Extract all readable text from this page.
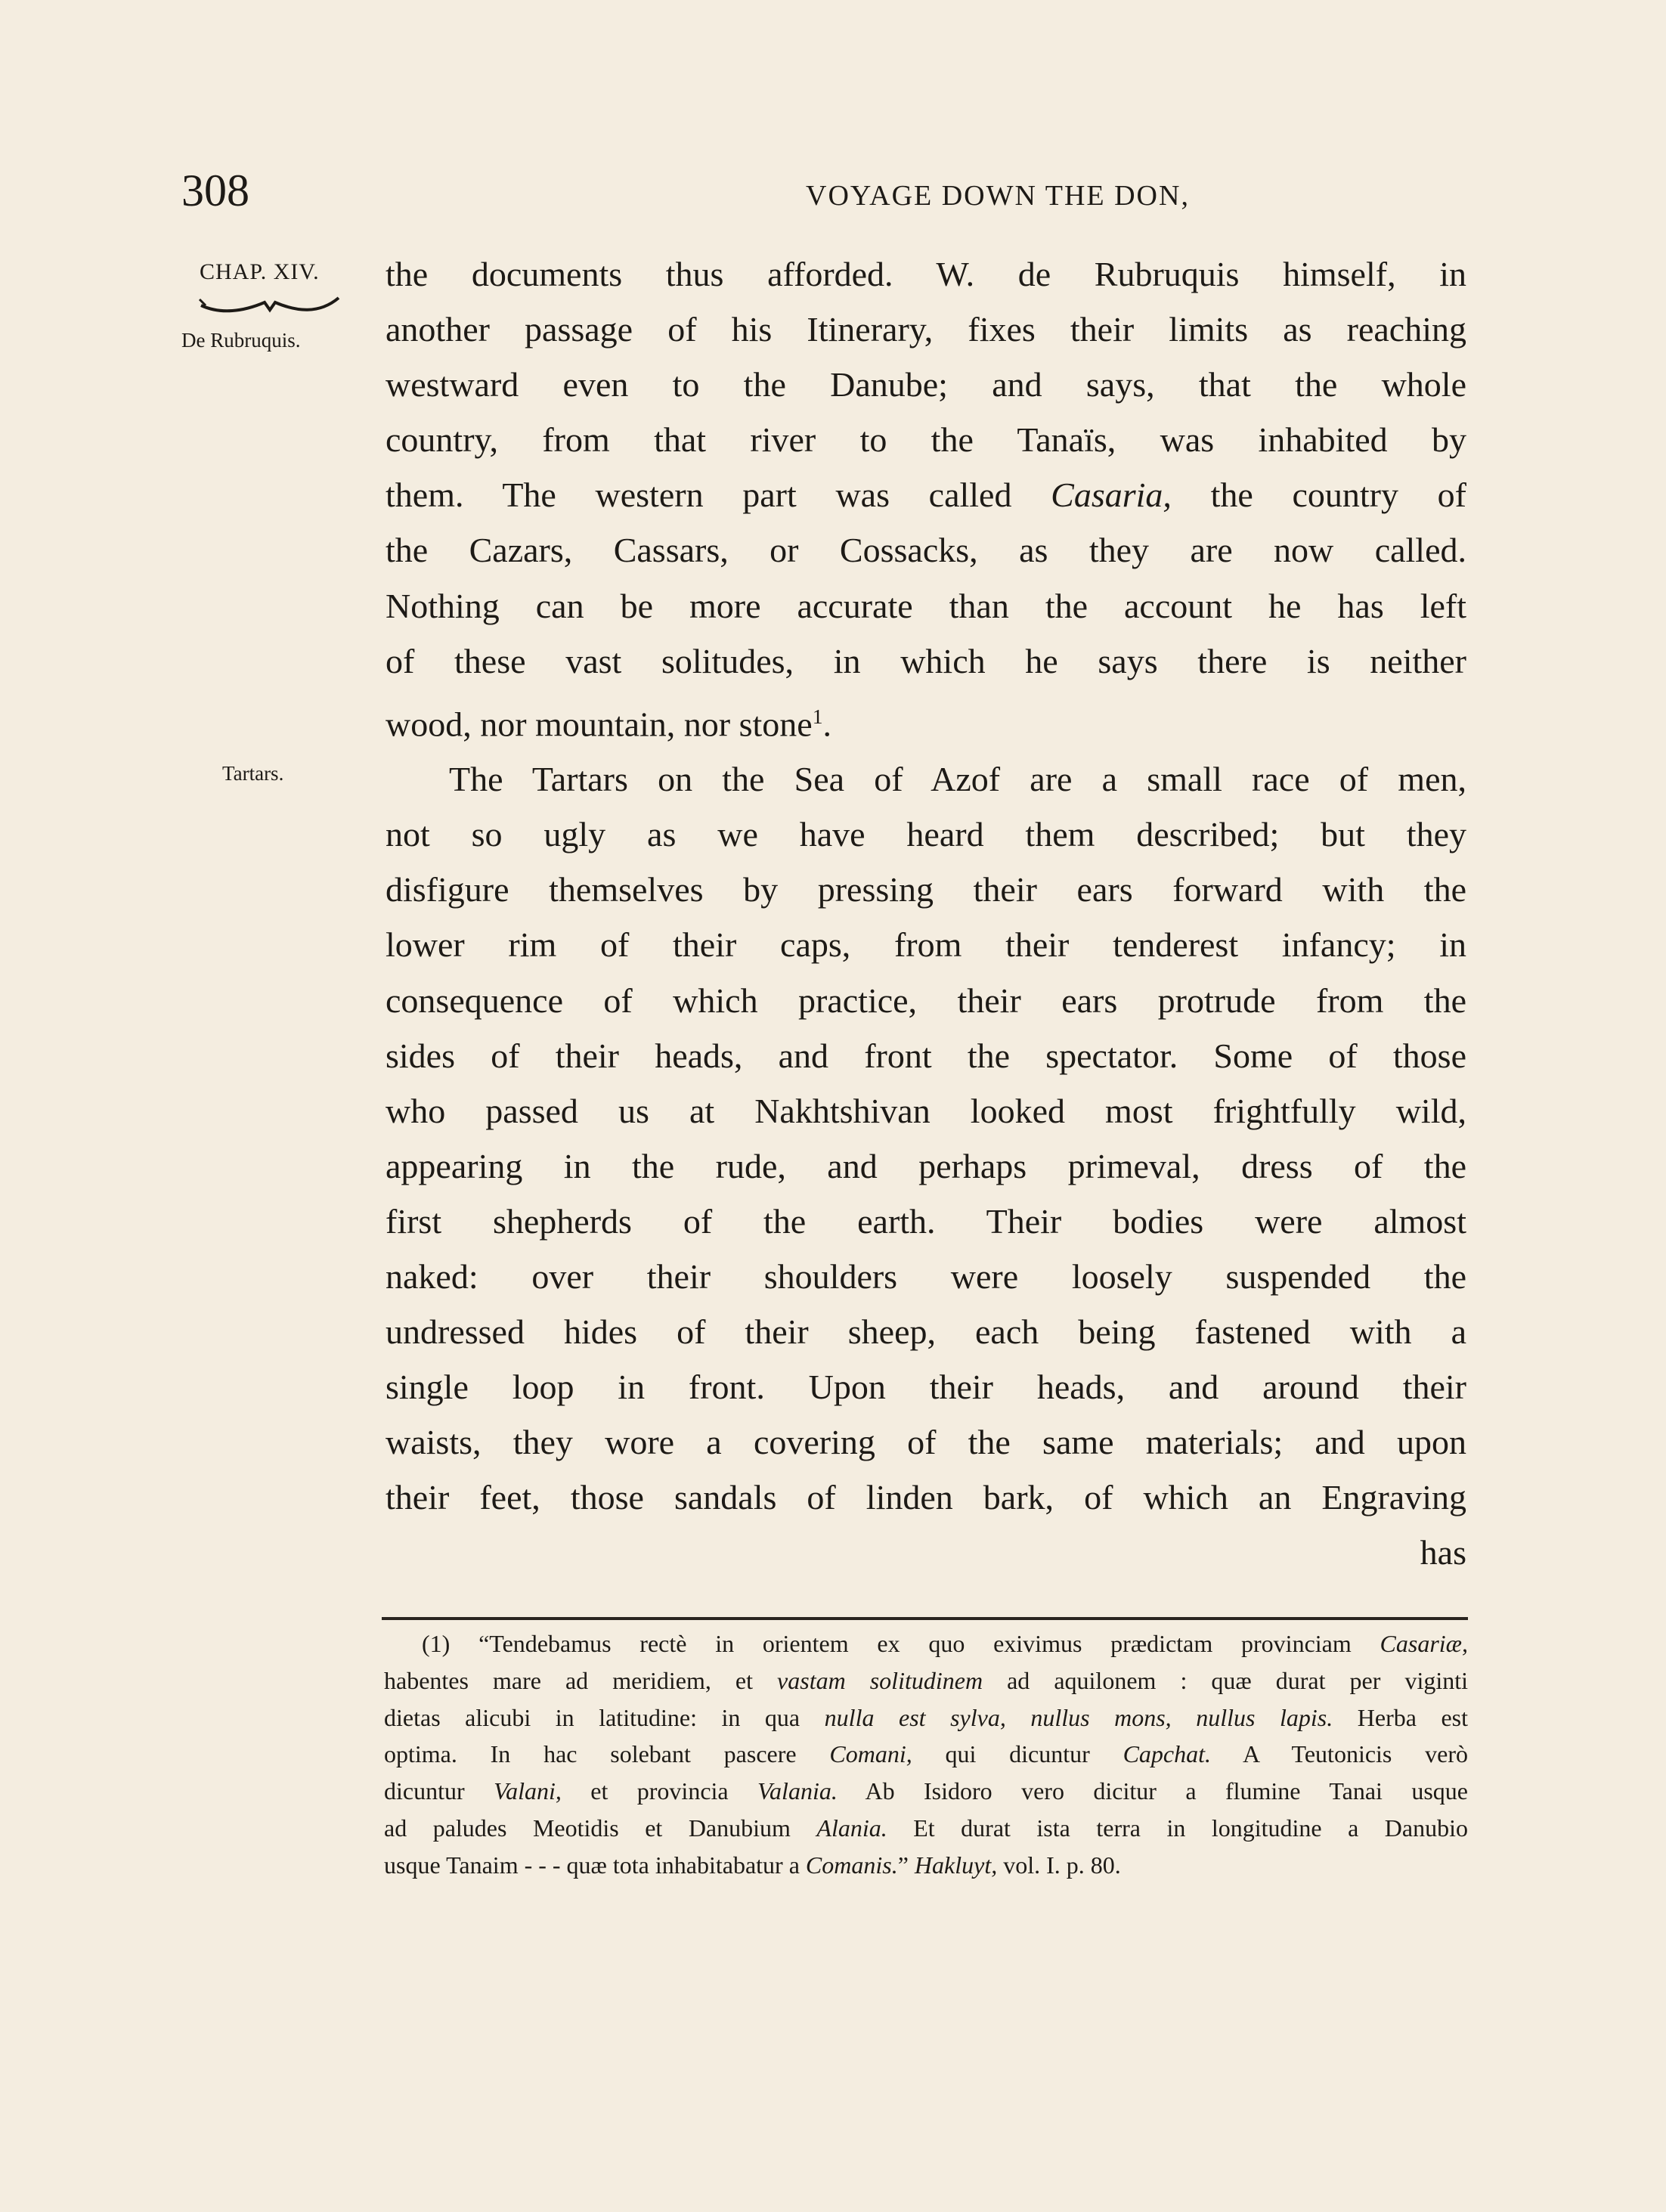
308	VOYAGE DOWN THE DON,
CHAP. XIV.
De Rubruquis.
Tartars.
the documents thus afforded. W. de Rubruquis himself, in
another passage of his Itinerary, fixes their limits as reaching
westward even to the Danube; and says, that the whole
country, from that river to the Tanaïs, was inhabited by
them. The western part was called Casaria, the country of
the Cazars, Cassars, or Cossacks, as they are now called.
Nothing can be more accurate than the account he has left
of these vast solitudes, in which he says there is neither
wood, nor mountain, nor stone$^1$.
The Tartars on the Sea of Azof are a small race of men,
not so ugly as we have heard them described; but they
disfigure themselves by pressing their ears forward with the
lower rim of their caps, from their tenderest infancy; in
consequence of which practice, their ears protrude from the
sides of their heads, and front the spectator. Some of those
who passed us at Nakhtshivan looked most frightfully wild,
appearing in the rude, and perhaps primeval, dress of the
first shepherds of the earth. Their bodies were almost
naked: over their shoulders were loosely suspended the
undressed hides of their sheep, each being fastened with a
single loop in front. Upon their heads, and around their
waists, they wore a covering of the same materials; and upon
their feet, those sandals of linden bark, of which an Engraving
has
(1) “Tendebamus rectè in orientem ex quo exivimus prædictam provinciam Casariæ,
habentes mare ad meridiem, et vastam solitudinem ad aquilonem : quæ durat per viginti
dietas alicubi in latitudine: in qua nulla est sylva, nullus mons, nullus lapis. Herba est
optima. In hac solebant pascere Comani, qui dicuntur Capchat. A Teutonicis verò
dicuntur Valani, et provincia Valania. Ab Isidoro vero dicitur a flumine Tanai usque
ad paludes Meotidis et Danubium Alania. Et durat ista terra in longitudine a Danubio
usque Tanaim - - - quæ tota inhabitabatur a Comanis.” Hakluyt, vol. I. p. 80.
